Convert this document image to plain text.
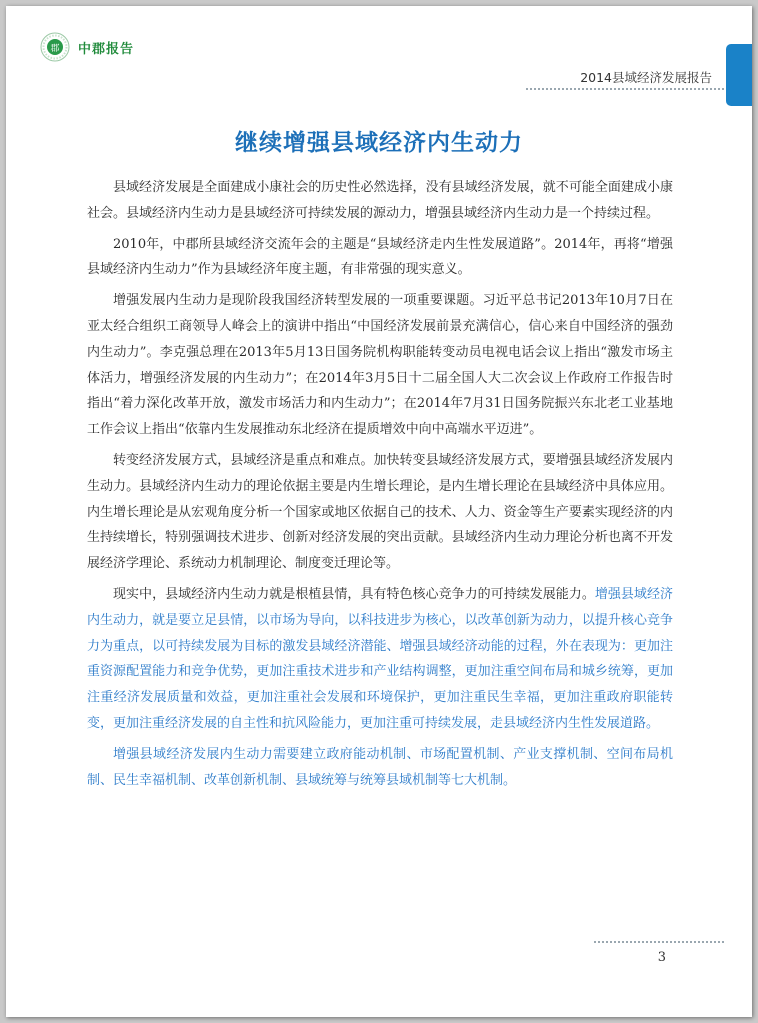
郡 中郡报告
2014县域经济发展报告
继续增强县域经济内生动力

县域经济发展是全面建成小康社会的历史性必然选择，没有县域经济发展，就不可能全面建成小康社会。县域经济内生动力是县域经济可持续发展的源动力，增强县域经济内生动力是一个持续过程。

2010年，中郡所县域经济交流年会的主题是“县域经济走内生性发展道路”。2014年，再将“增强县域经济内生动力”作为县域经济年度主题，有非常强的现实意义。

增强发展内生动力是现阶段我国经济转型发展的一项重要课题。习近平总书记2013年10月7日在亚太经合组织工商领导人峰会上的演讲中指出“中国经济发展前景充满信心，信心来自中国经济的强劲内生动力”。李克强总理在2013年5月13日国务院机构职能转变动员电视电话会议上指出“激发市场主体活力，增强经济发展的内生动力”；在2014年3月5日十二届全国人大二次会议上作政府工作报告时指出“着力深化改革开放，激发市场活力和内生动力”；在2014年7月31日国务院振兴东北老工业基地工作会议上指出“依靠内生发展推动东北经济在提质增效中向中高端水平迈进”。

转变经济发展方式，县域经济是重点和难点。加快转变县域经济发展方式，要增强县域经济发展内生动力。县域经济内生动力的理论依据主要是内生增长理论，是内生增长理论在县域经济中具体应用。内生增长理论是从宏观角度分析一个国家或地区依据自己的技术、人力、资金等生产要素实现经济的内生持续增长，特别强调技术进步、创新对经济发展的突出贡献。县域经济内生动力理论分析也离不开发展经济学理论、系统动力机制理论、制度变迁理论等。

现实中，县域经济内生动力就是根植县情，具有特色核心竞争力的可持续发展能力。增强县域经济内生动力，就是要立足县情，以市场为导向，以科技进步为核心，以改革创新为动力，以提升核心竞争力为重点，以可持续发展为目标的激发县域经济潜能、增强县域经济动能的过程，外在表现为：更加注重资源配置能力和竞争优势，更加注重技术进步和产业结构调整，更加注重空间布局和城乡统筹，更加注重经济发展质量和效益，更加注重社会发展和环境保护，更加注重民生幸福，更加注重政府职能转变，更加注重经济发展的自主性和抗风险能力，更加注重可持续发展，走县域经济内生性发展道路。

增强县域经济发展内生动力需要建立政府能动机制、市场配置机制、产业支撑机制、空间布局机制、民生幸福机制、改革创新机制、县域统筹与统筹县域机制等七大机制。

3
